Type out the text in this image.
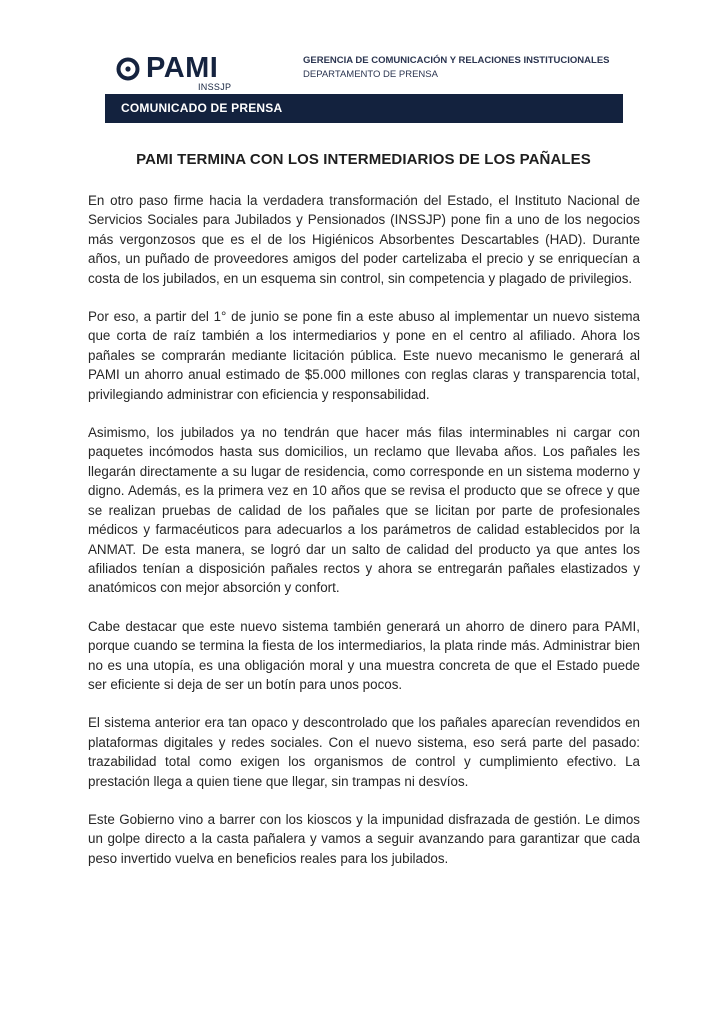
PAMI
INSSJP
GERENCIA DE COMUNICACIÓN Y RELACIONES INSTITUCIONALES
DEPARTAMENTO DE PRENSA
COMUNICADO DE PRENSA
PAMI TERMINA CON LOS INTERMEDIARIOS DE LOS PAÑALES

En otro paso firme hacia la verdadera transformación del Estado, el Instituto Nacional de Servicios Sociales para Jubilados y Pensionados (INSSJP) pone fin a uno de los negocios más vergonzosos que es el de los Higiénicos Absorbentes Descartables (HAD). Durante años, un puñado de proveedores amigos del poder cartelizaba el precio y se enriquecían a costa de los jubilados, en un esquema sin control, sin competencia y plagado de privilegios.

Por eso, a partir del 1° de junio se pone fin a este abuso al implementar un nuevo sistema que corta de raíz también a los intermediarios y pone en el centro al afiliado. Ahora los pañales se comprarán mediante licitación pública. Este nuevo mecanismo le generará al PAMI un ahorro anual estimado de $5.000 millones con reglas claras y transparencia total, privilegiando administrar con eficiencia y responsabilidad.

Asimismo, los jubilados ya no tendrán que hacer más filas interminables ni cargar con paquetes incómodos hasta sus domicilios, un reclamo que llevaba años. Los pañales les llegarán directamente a su lugar de residencia, como corresponde en un sistema moderno y digno. Además, es la primera vez en 10 años que se revisa el producto que se ofrece y que se realizan pruebas de calidad de los pañales que se licitan por parte de profesionales médicos y farmacéuticos para adecuarlos a los parámetros de calidad establecidos por la ANMAT. De esta manera, se logró dar un salto de calidad del producto ya que antes los afiliados tenían a disposición pañales rectos y ahora se entregarán pañales elastizados y anatómicos con mejor absorción y confort.

Cabe destacar que este nuevo sistema también generará un ahorro de dinero para PAMI, porque cuando se termina la fiesta de los intermediarios, la plata rinde más. Administrar bien no es una utopía, es una obligación moral y una muestra concreta de que el Estado puede ser eficiente si deja de ser un botín para unos pocos.

El sistema anterior era tan opaco y descontrolado que los pañales aparecían revendidos en plataformas digitales y redes sociales. Con el nuevo sistema, eso será parte del pasado: trazabilidad total como exigen los organismos de control y cumplimiento efectivo. La prestación llega a quien tiene que llegar, sin trampas ni desvíos.

Este Gobierno vino a barrer con los kioscos y la impunidad disfrazada de gestión. Le dimos un golpe directo a la casta pañalera y vamos a seguir avanzando para garantizar que cada peso invertido vuelva en beneficios reales para los jubilados.
